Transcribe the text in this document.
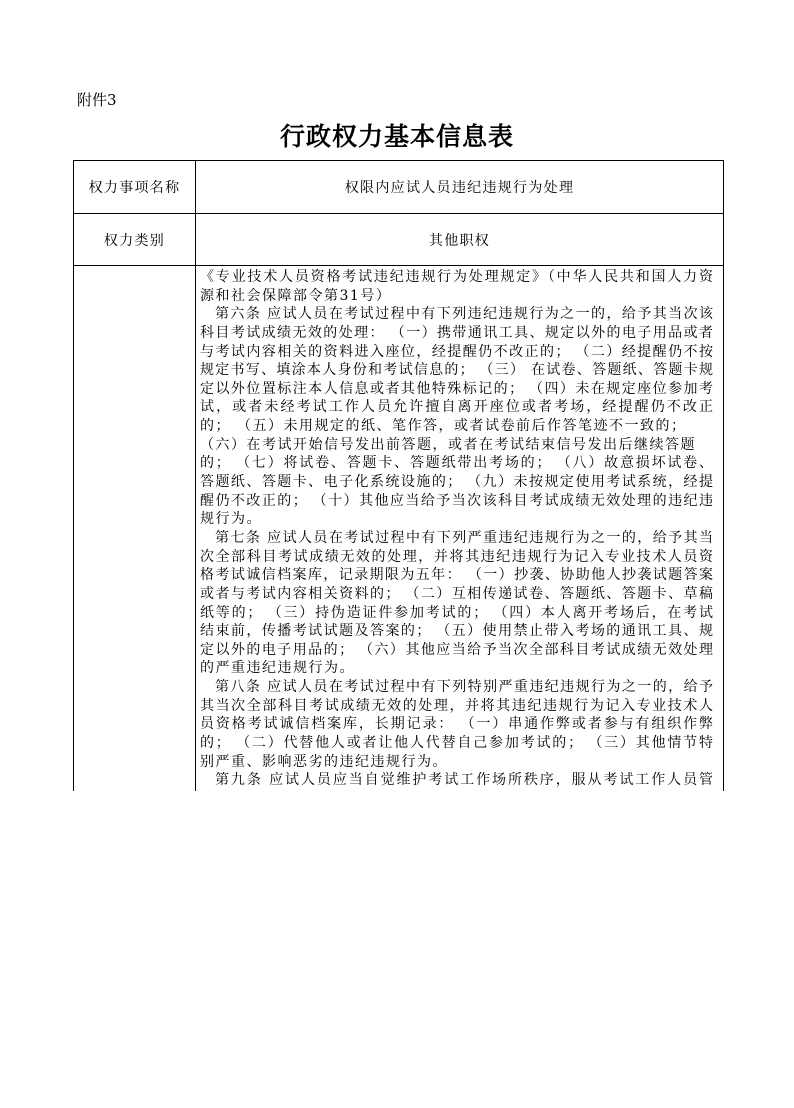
附件3
行政权力基本信息表
权力事项名称	权限内应试人员违纪违规行为处理
权力类别	其他职权
《专业技术人员资格考试违纪违规行为处理规定》（中华人民共和国人力资
源和社会保障部令第31号）
第六条 应试人员在考试过程中有下列违纪违规行为之一的，给予其当次该
科目考试成绩无效的处理： （一）携带通讯工具、规定以外的电子用品或者
与考试内容相关的资料进入座位，经提醒仍不改正的； （二）经提醒仍不按
规定书写、填涂本人身份和考试信息的； （三） 在试卷、答题纸、答题卡规
定以外位置标注本人信息或者其他特殊标记的； （四）未在规定座位参加考
试，或者未经考试工作人员允许擅自离开座位或者考场，经提醒仍不改正
的； （五）未用规定的纸、笔作答，或者试卷前后作答笔迹不一致的；
（六）在考试开始信号发出前答题，或者在考试结束信号发出后继续答题
的； （七）将试卷、答题卡、答题纸带出考场的； （八）故意损坏试卷、
答题纸、答题卡、电子化系统设施的； （九）未按规定使用考试系统，经提
醒仍不改正的； （十）其他应当给予当次该科目考试成绩无效处理的违纪违
规行为。
第七条 应试人员在考试过程中有下列严重违纪违规行为之一的，给予其当
次全部科目考试成绩无效的处理，并将其违纪违规行为记入专业技术人员资
格考试诚信档案库，记录期限为五年： （一）抄袭、协助他人抄袭试题答案
或者与考试内容相关资料的； （二）互相传递试卷、答题纸、答题卡、草稿
纸等的； （三）持伪造证件参加考试的； （四）本人离开考场后，在考试
结束前，传播考试试题及答案的； （五）使用禁止带入考场的通讯工具、规
定以外的电子用品的； （六）其他应当给予当次全部科目考试成绩无效处理
的严重违纪违规行为。
第八条 应试人员在考试过程中有下列特别严重违纪违规行为之一的，给予
其当次全部科目考试成绩无效的处理，并将其违纪违规行为记入专业技术人
员资格考试诚信档案库，长期记录： （一）串通作弊或者参与有组织作弊
的； （二）代替他人或者让他人代替自己参加考试的； （三）其他情节特
别严重、影响恶劣的违纪违规行为。
第九条 应试人员应当自觉维护考试工作场所秩序，服从考试工作人员管
